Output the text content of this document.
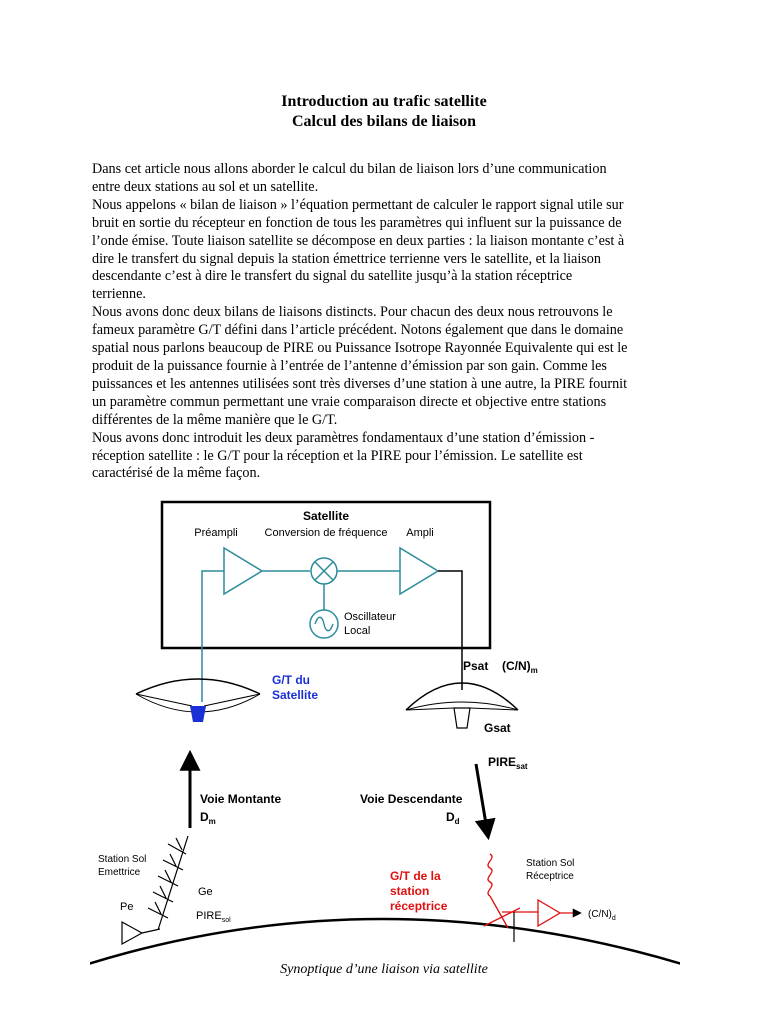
Introduction au trafic satellite
Calcul des bilans de liaison

Dans cet article nous allons aborder le calcul du bilan de liaison lors d’une communication
entre deux stations au sol et un satellite.

Nous appelons « bilan de liaison » l’équation permettant de calculer le rapport signal utile sur
bruit en sortie du récepteur en fonction de tous les paramètres qui influent sur la puissance de
l’onde émise. Toute liaison satellite se décompose en deux parties : la liaison montante c’est à
dire le transfert du signal depuis la station émettrice terrienne vers le satellite, et la liaison
descendante c’est à dire le transfert du signal du satellite jusqu’à la station réceptrice
terrienne.

Nous avons donc deux bilans de liaisons distincts. Pour chacun des deux nous retrouvons le
fameux paramètre G/T défini dans l’article précédent. Notons également que dans le domaine
spatial nous parlons beaucoup de PIRE ou Puissance Isotrope Rayonnée Equivalente qui est le
produit de la puissance fournie à l’entrée de l’antenne d’émission par son gain. Comme les
puissances et les antennes utilisées sont très diverses d’une station à une autre, la PIRE fournit
un paramètre commun permettant une vraie comparaison directe et objective entre stations
différentes de la même manière que le G/T.

Nous avons donc introduit les deux paramètres fondamentaux d’une station d’émission -
réception satellite : le G/T pour la réception et la PIRE pour l’émission. Le satellite est
caractérisé de la même façon.

Satellite
Préampli Conversion de fréquence Ampli
Oscillateur
Local
G/T du
Satellite
Psat $(C/N)_m$
Gsat
$PIRE_{sat}$
Voie Montante
$D_m$
Voie Descendante
$D_d$
Station Sol
Emettrice
Ge
$PIRE_{sol}$
Pe
G/T de la
station
réceptrice
Station Sol
Réceptrice
$(C/N)_d$
Synoptique d’une liaison via satellite
